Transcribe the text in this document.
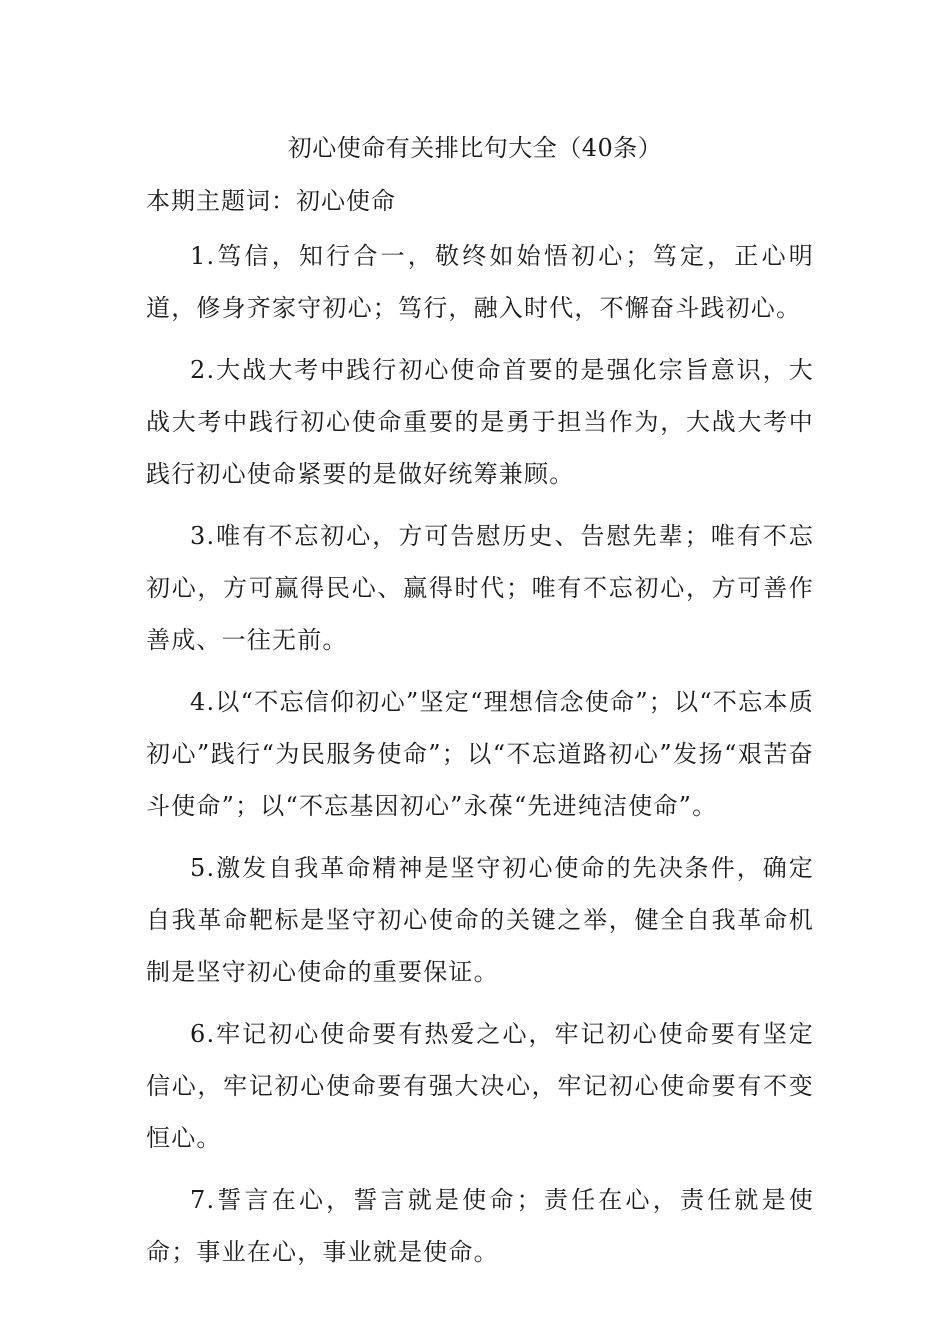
初心使命有关排比句大全（40条）
本期主题词：初心使命

1.笃信，知行合一，敬终如始悟初心；笃定，正心明道，修身齐家守初心；笃行，融入时代，不懈奋斗践初心。

2.大战大考中践行初心使命首要的是强化宗旨意识，大战大考中践行初心使命重要的是勇于担当作为，大战大考中践行初心使命紧要的是做好统筹兼顾。

3.唯有不忘初心，方可告慰历史、告慰先辈；唯有不忘初心，方可赢得民心、赢得时代；唯有不忘初心，方可善作善成、一往无前。

4.以“不忘信仰初心”坚定“理想信念使命”；以“不忘本质初心”践行“为民服务使命”；以“不忘道路初心”发扬“艰苦奋斗使命”；以“不忘基因初心”永葆“先进纯洁使命”。

5.激发自我革命精神是坚守初心使命的先决条件，确定自我革命靶标是坚守初心使命的关键之举，健全自我革命机制是坚守初心使命的重要保证。

6.牢记初心使命要有热爱之心，牢记初心使命要有坚定信心，牢记初心使命要有强大决心，牢记初心使命要有不变恒心。

7.誓言在心，誓言就是使命；责任在心，责任就是使命；事业在心，事业就是使命。
